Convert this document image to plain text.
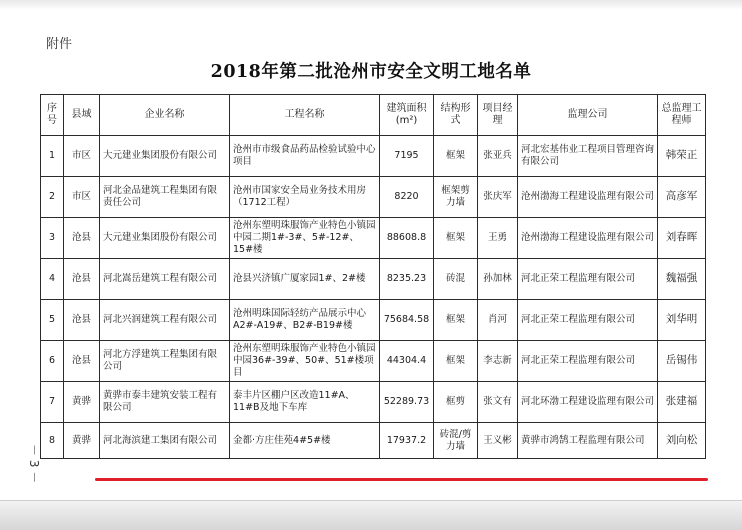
附件
2018年第二批沧州市安全文明工地名单
序号	县域	企业名称	工程名称	建筑面积(m²)	结构形式	项目经理	监理公司	总监理工程师
1	市区	大元建业集团股份有限公司	沧州市市级食品药品检验试验中心项目	7195	框架	张亚兵	河北宏基伟业工程项目管理咨询有限公司	韩荣正
2	市区	河北金品建筑工程集团有限责任公司	沧州市国家安全局业务技术用房（1712工程）	8220	框架剪力墙	张庆军	沧州渤海工程建设监理有限公司	高彦军
3	沧县	大元建业集团股份有限公司	沧州东塑明珠服饰产业特色小镇园中园二期1#-3#、5#-12#、15#楼	88608.8	框架	王勇	沧州渤海工程建设监理有限公司	刘春晖
4	沧县	河北嵩岳建筑工程有限公司	沧县兴济镇广厦家园1#、2#楼	8235.23	砖混	孙加林	河北正荣工程监理有限公司	魏福强
5	沧县	河北兴润建筑工程有限公司	沧州明珠国际轻纺产品展示中心A2#-A19#、B2#-B19#楼	75684.58	框架	肖河	河北正荣工程监理有限公司	刘华明
6	沧县	河北方浮建筑工程集团有限公司	沧州东塑明珠服饰产业特色小镇园中园36#-39#、50#、51#楼项目	44304.4	框架	李志新	河北正荣工程监理有限公司	岳锡伟
7	黄骅	黄骅市泰丰建筑安装工程有限公司	泰丰片区棚户区改造11#A、11#B及地下车库	52289.73	框剪	张文有	河北环渤工程建设监理有限公司	张建福
8	黄骅	河北海滨建工集团有限公司	金都·方庄佳苑4#5#楼	17937.2	砖混/剪力墙	王义彬	黄骅市鸿鹄工程监理有限公司	刘向松
－ 3 －
